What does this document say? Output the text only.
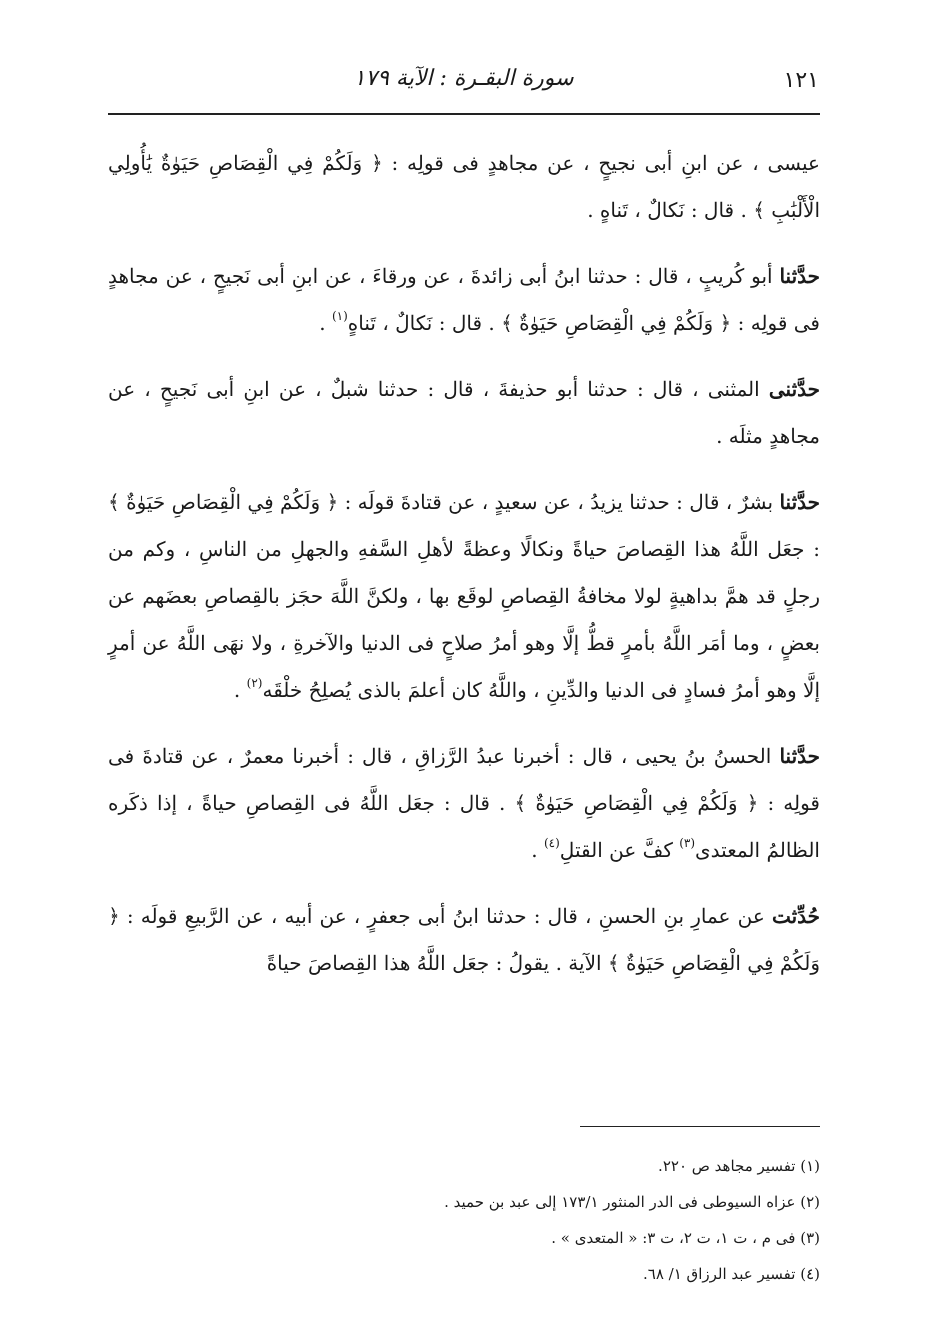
١٢١
سورة البقـرة : الآية ١٧٩

عيسى ، عن ابنِ أبى نجيحٍ ، عن مجاهدٍ فى قولِه : ﴿ وَلَكُمْ فِي الْقِصَاصِ حَيَوٰةٌ يَٰأُولِي الْأَلْبَٰبِ ﴾ . قال : نَكالٌ ، تَناهٍ .

حدَّثنا أبو كُريبٍ ، قال : حدثنا ابنُ أبى زائدةَ ، عن ورقاءَ ، عن ابنِ أبى نَجيحٍ ، عن مجاهدٍ فى قولِه : ﴿ وَلَكُمْ فِي الْقِصَاصِ حَيَوٰةٌ ﴾ . قال : نَكالٌ ، تَناهٍ$^{(١)}$ .

حدَّثنى المثنى ، قال : حدثنا أبو حذيفةَ ، قال : حدثنا شبلٌ ، عن ابنِ أبى نَجيحٍ ، عن مجاهدٍ مثلَه .

حدَّثنا بشرٌ ، قال : حدثنا يزيدُ ، عن سعيدٍ ، عن قتادةَ قولَه : ﴿ وَلَكُمْ فِي الْقِصَاصِ حَيَوٰةٌ ﴾ : جعَل اللَّهُ هذا القِصاصَ حياةً ونكالًا وعظةً لأهلِ السَّفهِ والجهلِ من الناسِ ، وكم من رجلٍ قد همَّ بداهيةٍ لولا مخافةُ القِصاصِ لوقَع بها ، ولكنَّ اللَّهَ حجَز بالقِصاصِ بعضَهم عن بعضٍ ، وما أمَر اللَّهُ بأمرٍ قطُّ إلَّا وهو أمرُ صلاحٍ فى الدنيا والآخرةِ ، ولا نهَى اللَّهُ عن أمرٍ إلَّا وهو أمرُ فسادٍ فى الدنيا والدِّينِ ، واللَّهُ كان أعلمَ بالذى يُصلِحُ خلْقَه$^{(٢)}$ .

حدَّثنا الحسنُ بنُ يحيى ، قال : أخبرنا عبدُ الرَّزاقِ ، قال : أخبرنا معمرٌ ، عن قتادةَ فى قولِه : ﴿ وَلَكُمْ فِي الْقِصَاصِ حَيَوٰةٌ ﴾ . قال : جعَل اللَّهُ فى القِصاصِ حياةً ، إذا ذكَره الظالمُ المعتدى$^{(٣)}$ كفَّ عن القتلِ$^{(٤)}$ .

حُدِّثت عن عمارِ بنِ الحسنِ ، قال : حدثنا ابنُ أبى جعفرٍ ، عن أبيه ، عن الرَّبيعِ قولَه : ﴿ وَلَكُمْ فِي الْقِصَاصِ حَيَوٰةٌ ﴾ الآية . يقولُ : جعَل اللَّهُ هذا القِصاصَ حياةً

(١) تفسير مجاهد ص ٢٢٠.

(٢) عزاه السيوطى فى الدر المنثور ١٧٣/١ إلى عبد بن حميد .

(٣) فى م ، ت ١، ت ٢، ت ٣: « المتعدى » .

(٤) تفسير عبد الرزاق ١/ ٦٨.
